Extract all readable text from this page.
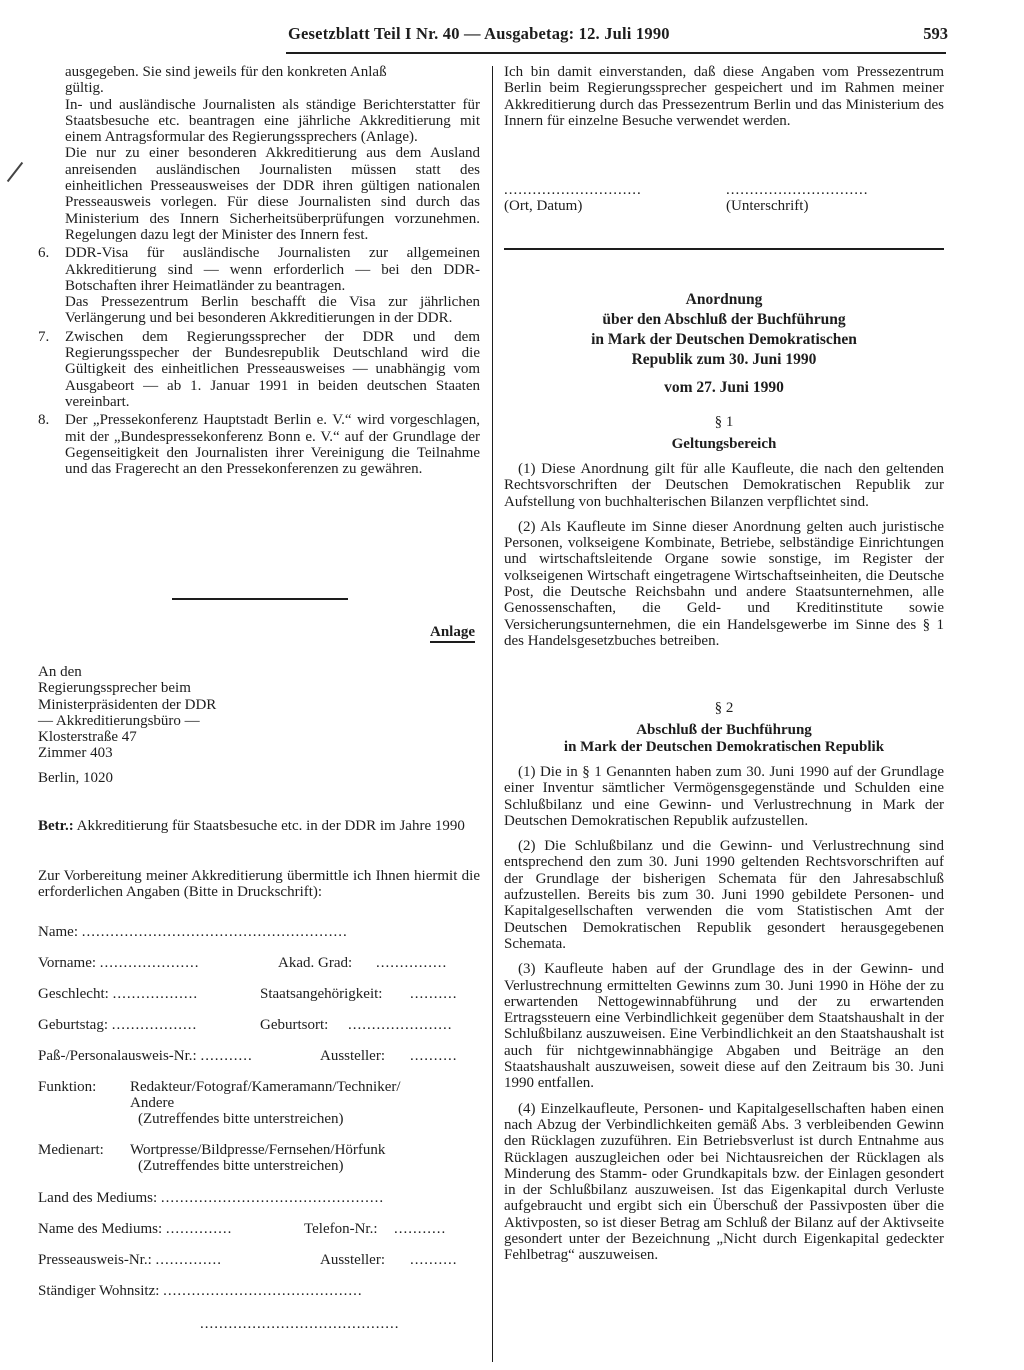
Gesetzblatt Teil I Nr. 40 — Ausgabetag: 12. Juli 1990	593

ausgegeben. Sie sind jeweils für den konkreten Anlaß

gültig.

In- und ausländische Journalisten als ständige Berichterstatter für Staatsbesuche etc. beantragen eine jährliche Akkreditierung mit einem Antragsformular des Regierungssprechers (Anlage).

Die nur zu einer besonderen Akkreditierung aus dem Ausland anreisenden ausländischen Journalisten müssen statt des einheitlichen Presseausweises der DDR ihren gültigen nationalen Presseausweis vorlegen. Für diese Journalisten sind durch das Ministerium des Innern Sicherheitsüberprüfungen vorzunehmen. Regelungen dazu legt der Minister des Innern fest.

6. DDR-Visa für ausländische Journalisten zur allgemeinen Akkreditierung sind — wenn erforderlich — bei den DDR-Botschaften ihrer Heimatländer zu beantragen.

Das Pressezentrum Berlin beschafft die Visa zur jährlichen Verlängerung und bei besonderen Akkreditierungen in der DDR.

7. Zwischen dem Regierungssprecher der DDR und dem Regierungsspecher der Bundesrepublik Deutschland wird die Gültigkeit des einheitlichen Presseausweises — unabhängig vom Ausgabeort — ab 1. Januar 1991 in beiden deutschen Staaten vereinbart.

8. Der „Pressekonferenz Hauptstadt Berlin e. V.“ wird vorgeschlagen, mit der „Bundespressekonferenz Bonn e. V.“ auf der Grundlage der Gegenseitigkeit den Journalisten ihrer Vereinigung die Teilnahme und das Fragerecht an den Pressekonferenzen zu gewähren.

Anlage

An den

Regierungssprecher beim

Ministerpräsidenten der DDR

— Akkreditierungsbüro —

Klosterstraße 47

Zimmer 403

Berlin, 1020

Betr.: Akkreditierung für Staatsbesuche etc. in der DDR im Jahre 1990

Zur Vorbereitung meiner Akkreditierung übermittle ich Ihnen hiermit die erforderlichen Angaben (Bitte in Druckschrift):

Name: ........................................................
Vorname: .....................	Akad. Grad: ...............
Geschlecht: ..................	Staatsangehörigkeit: ..........
Geburtstag: ..................	Geburtsort: ......................
Paß-/Personalausweis-Nr.: ...........	Aussteller: ..........
Funktion: Redakteur/Fotograf/Kameramann/Techniker/
Andere
(Zutreffendes bitte unterstreichen)
Medienart: Wortpresse/Bildpresse/Fernsehen/Hörfunk
(Zutreffendes bitte unterstreichen)
Land des Mediums: ...............................................
Name des Mediums: ..............	Telefon-Nr.: ...........
Presseausweis-Nr.: ..............	Aussteller: ..........
Ständiger Wohnsitz: ..........................................
..........................................

Ich bin damit einverstanden, daß diese Angaben vom Pressezentrum Berlin beim Regierungssprecher gespeichert und im Rahmen meiner Akkreditierung durch das Pressezentrum Berlin und das Ministerium des Innern für einzelne Besuche verwendet werden.

.............................	..............................
(Ort, Datum)	(Unterschrift)

Anordnung

über den Abschluß der Buchführung

in Mark der Deutschen Demokratischen

Republik zum 30. Juni 1990

vom 27. Juni 1990

§ 1

Geltungsbereich

(1) Diese Anordnung gilt für alle Kaufleute, die nach den geltenden Rechtsvorschriften der Deutschen Demokratischen Republik zur Aufstellung von buchhalterischen Bilanzen verpflichtet sind.

(2) Als Kaufleute im Sinne dieser Anordnung gelten auch juristische Personen, volkseigene Kombinate, Betriebe, selbständige Einrichtungen und wirtschaftsleitende Organe sowie sonstige, im Register der volkseigenen Wirtschaft eingetragene Wirtschaftseinheiten, die Deutsche Post, die Deutsche Reichsbahn und andere Staatsunternehmen, alle Genossenschaften, die Geld- und Kreditinstitute sowie Versicherungsunternehmen, die ein Handelsgewerbe im Sinne des § 1 des Handelsgesetzbuches betreiben.

§ 2

Abschluß der Buchführung

in Mark der Deutschen Demokratischen Republik

(1) Die in § 1 Genannten haben zum 30. Juni 1990 auf der Grundlage einer Inventur sämtlicher Vermögensgegenstände und Schulden eine Schlußbilanz und eine Gewinn- und Verlustrechnung in Mark der Deutschen Demokratischen Republik aufzustellen.

(2) Die Schlußbilanz und die Gewinn- und Verlustrechnung sind entsprechend den zum 30. Juni 1990 geltenden Rechtsvorschriften auf der Grundlage der bisherigen Schemata für den Jahresabschluß aufzustellen. Bereits bis zum 30. Juni 1990 gebildete Personen- und Kapitalgesellschaften verwenden die vom Statistischen Amt der Deutschen Demokratischen Republik gesondert herausgegebenen Schemata.

(3) Kaufleute haben auf der Grundlage des in der Gewinn- und Verlustrechnung ermittelten Gewinns zum 30. Juni 1990 in Höhe der zu erwartenden Nettogewinnabführung und der zu erwartenden Ertragssteuern eine Verbindlichkeit gegenüber dem Staatshaushalt in der Schlußbilanz auszuweisen. Eine Verbindlichkeit an den Staatshaushalt ist auch für nichtgewinnabhängige Abgaben und Beiträge an den Staatshaushalt auszuweisen, soweit diese auf den Zeitraum bis 30. Juni 1990 entfallen.

(4) Einzelkaufleute, Personen- und Kapitalgesellschaften haben einen nach Abzug der Verbindlichkeiten gemäß Abs. 3 verbleibenden Gewinn den Rücklagen zuzuführen. Ein Betriebsverlust ist durch Entnahme aus Rücklagen auszugleichen oder bei Nichtausreichen der Rücklagen als Minderung des Stamm- oder Grundkapitals bzw. der Einlagen gesondert in der Schlußbilanz auszuweisen. Ist das Eigenkapital durch Verluste aufgebraucht und ergibt sich ein Überschuß der Passivposten über die Aktivposten, so ist dieser Betrag am Schluß der Bilanz auf der Aktivseite gesondert unter der Bezeichnung „Nicht durch Eigenkapital gedeckter Fehlbetrag“ auszuweisen.
